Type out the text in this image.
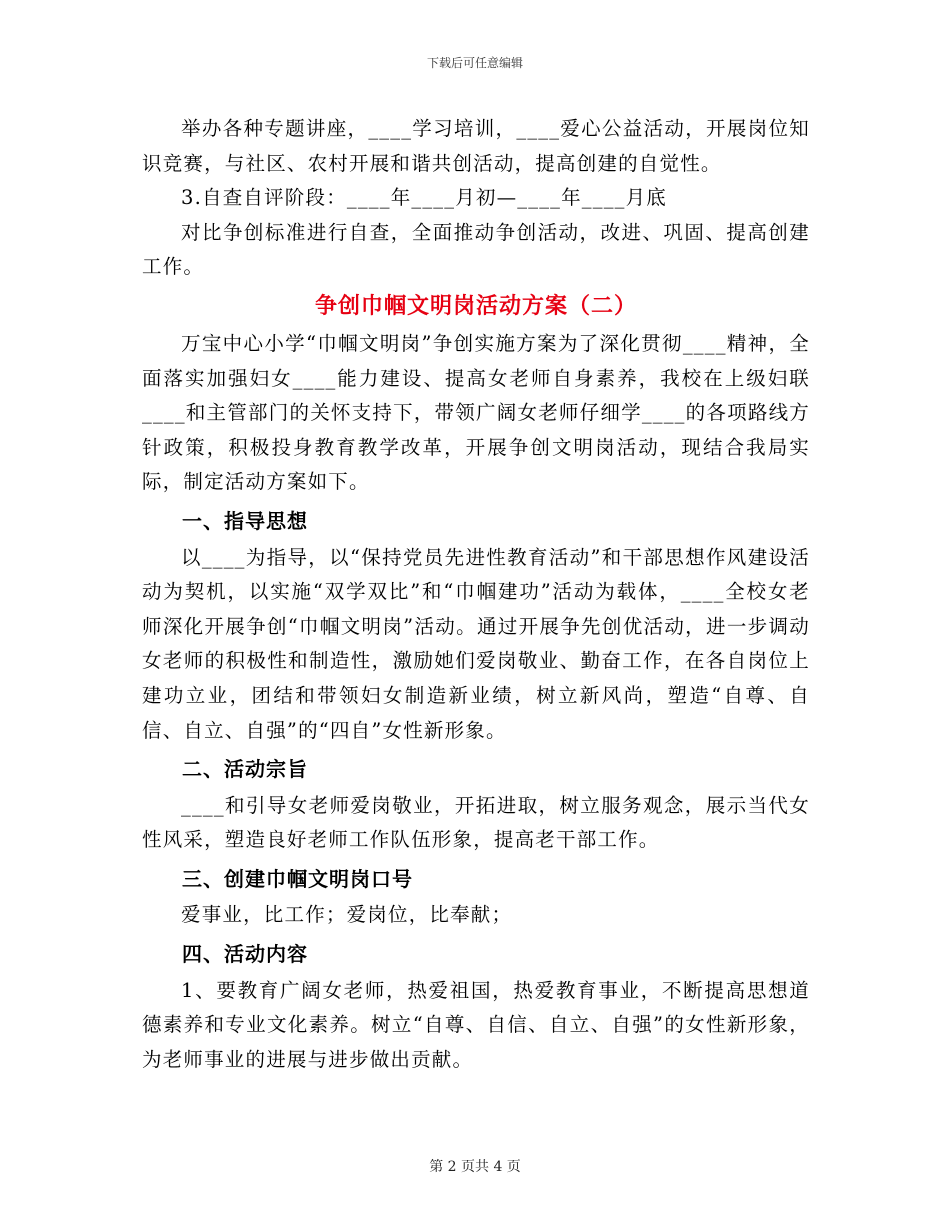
下载后可任意编辑

举办各种专题讲座，____学习培训，____爱心公益活动，开展岗位知识竞赛，与社区、农村开展和谐共创活动，提高创建的自觉性。

3.自查自评阶段：____年____月初—____年____月底

对比争创标准进行自查，全面推动争创活动，改进、巩固、提高创建工作。

争创巾帼文明岗活动方案（二）

万宝中心小学“巾帼文明岗”争创实施方案为了深化贯彻____精神，全面落实加强妇女____能力建设、提高女老师自身素养，我校在上级妇联____和主管部门的关怀支持下，带领广阔女老师仔细学____的各项路线方针政策，积极投身教育教学改革，开展争创文明岗活动，现结合我局实际，制定活动方案如下。

一、指导思想

以____为指导，以“保持党员先进性教育活动”和干部思想作风建设活动为契机，以实施“双学双比”和“巾帼建功”活动为载体，____全校女老师深化开展争创“巾帼文明岗”活动。通过开展争先创优活动，进一步调动女老师的积极性和制造性，激励她们爱岗敬业、勤奋工作，在各自岗位上建功立业，团结和带领妇女制造新业绩，树立新风尚，塑造“自尊、自信、自立、自强”的“四自”女性新形象。

二、活动宗旨

____和引导女老师爱岗敬业，开拓进取，树立服务观念，展示当代女性风采，塑造良好老师工作队伍形象，提高老干部工作。

三、创建巾帼文明岗口号

爱事业，比工作；爱岗位，比奉献；

四、活动内容

1、要教育广阔女老师，热爱祖国，热爱教育事业，不断提高思想道德素养和专业文化素养。树立“自尊、自信、自立、自强”的女性新形象，为老师事业的进展与进步做出贡献。

第 2 页共 4 页
